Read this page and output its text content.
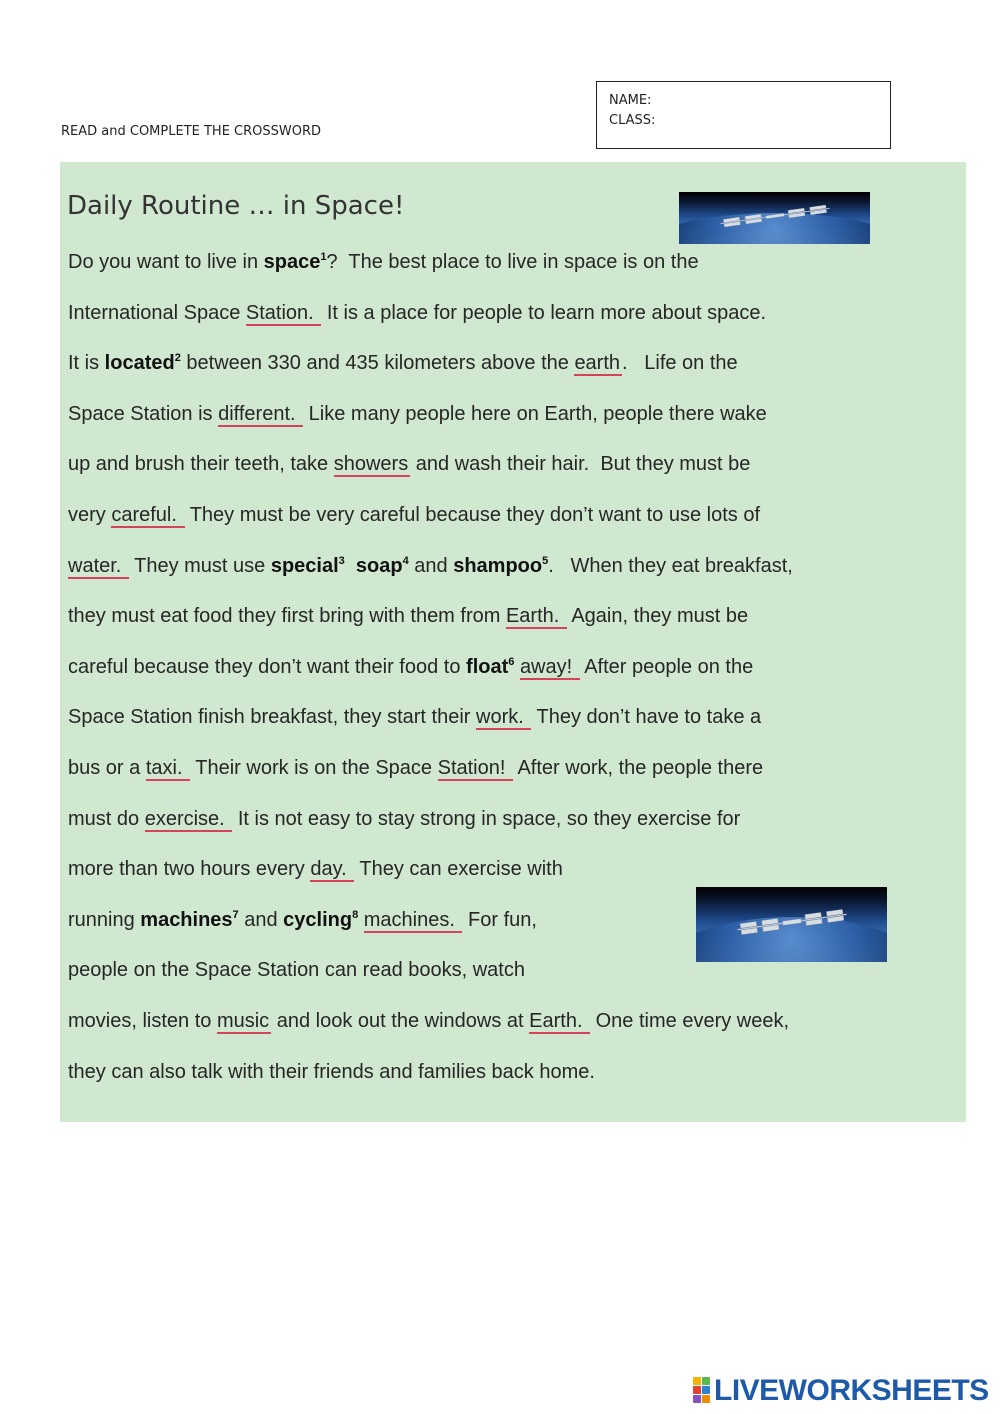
READ and COMPLETE THE CROSSWORD
NAME:
CLASS:
Daily Routine … in Space!
Do you want to live in space$^1$?  The best place to live in space is on the
International Space Station.  It is a place for people to learn more about space.
It is located$^2$ between 330 and 435 kilometers above the earth .   Life on the
Space Station is different.  Like many people here on Earth, people there wake
up and brush their teeth, take showers and wash their hair.  But they must be
very careful.  They must be very careful because they don’t want to use lots of
water.  They must use special$^3$ soap$^4$ and shampoo$^5$.   When they eat breakfast,
they must eat food they first bring with them from Earth.  Again, they must be
careful because they don’t want their food to float$^6$ away!  After people on the
Space Station finish breakfast, they start their work.  They don’t have to take a
bus or a taxi.  Their work is on the Space Station!  After work, the people there
must do exercise.  It is not easy to stay strong in space, so they exercise for
more than two hours every day.  They can exercise with
running machines$^7$ and cycling$^8$ machines.  For fun,
people on the Space Station can read books, watch
movies, listen to music and look out the windows at Earth.  One time every week,
they can also talk with their friends and families back home.
LIVEWORKSHEETS
